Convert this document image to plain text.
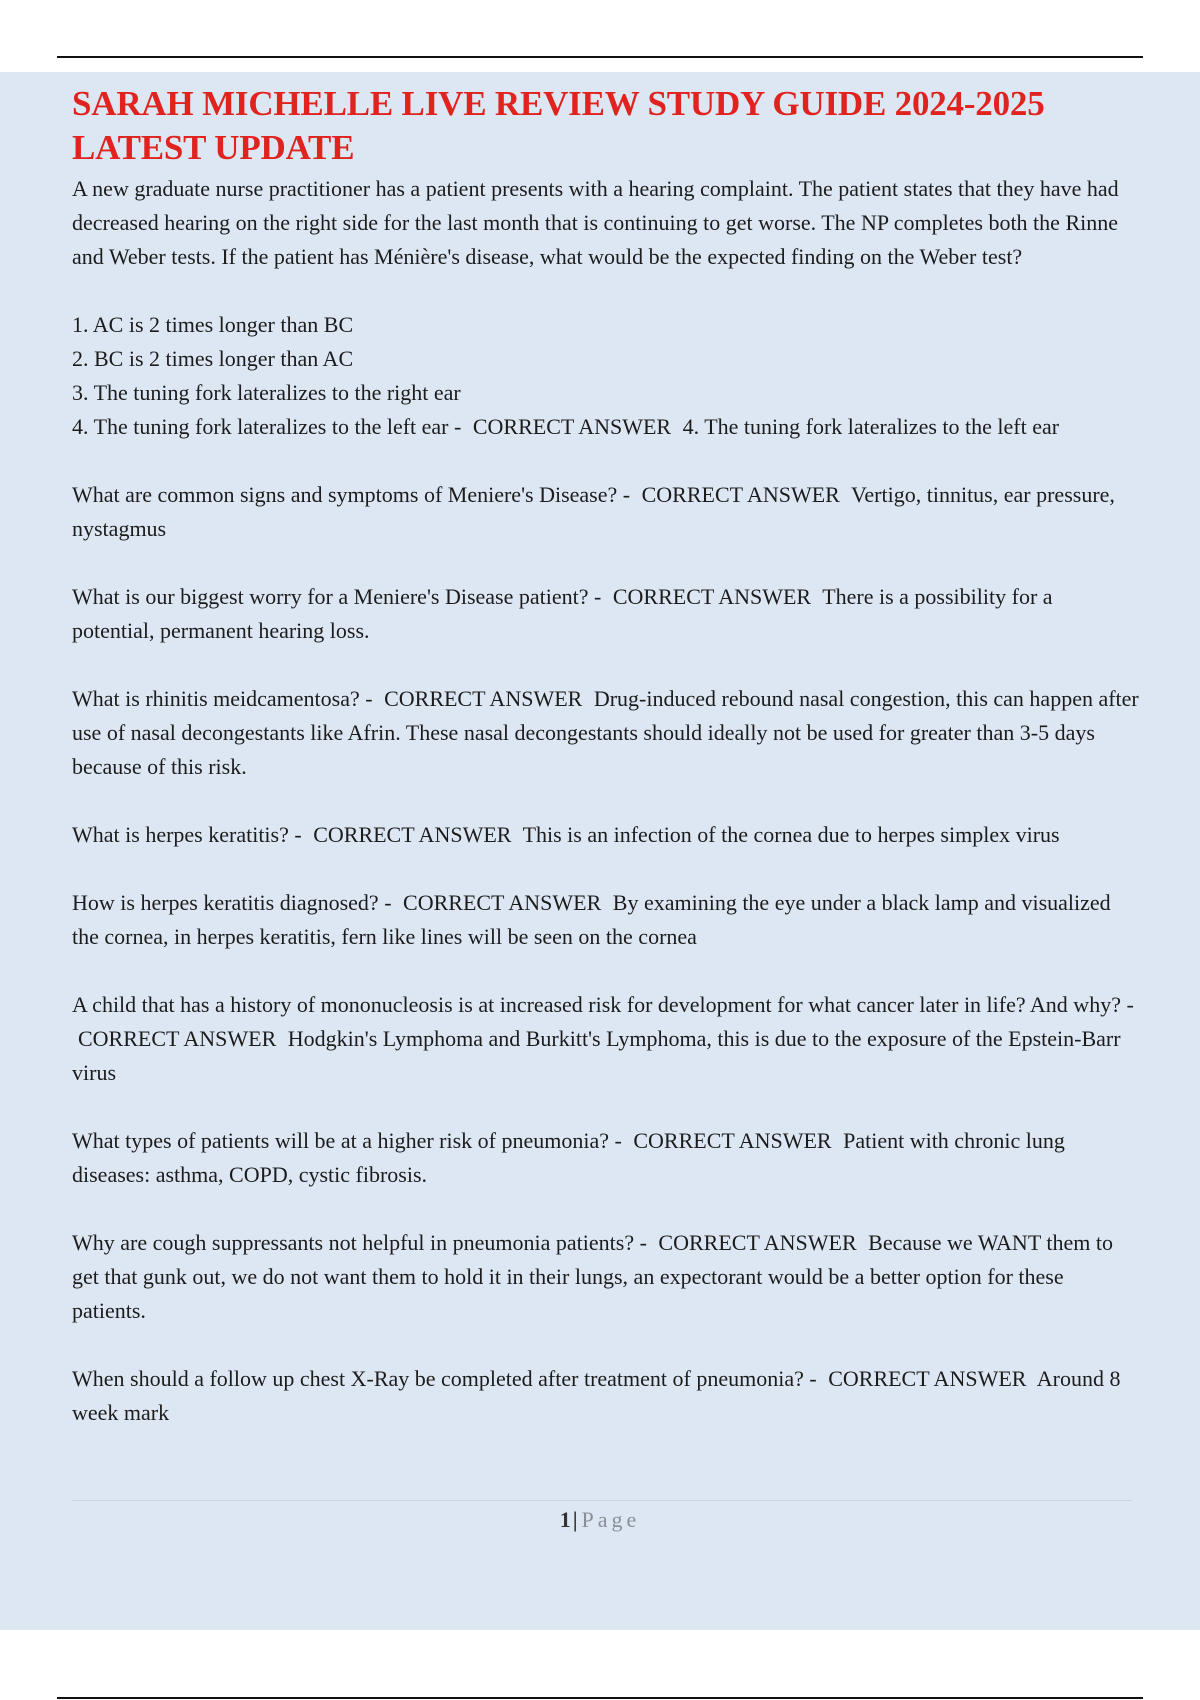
SARAH MICHELLE LIVE REVIEW STUDY GUIDE 2024-2025 LATEST UPDATE

A new graduate nurse practitioner has a patient presents with a hearing complaint. The patient states that they have had decreased hearing on the right side for the last month that is continuing to get worse. The NP completes both the Rinne and Weber tests. If the patient has Ménière's disease, what would be the expected finding on the Weber test?

1. AC is 2 times longer than BC
2. BC is 2 times longer than AC
3. The tuning fork lateralizes to the right ear
4. The tuning fork lateralizes to the left ear - CORRECT ANSWER 4. The tuning fork lateralizes to the left ear

What are common signs and symptoms of Meniere's Disease? - CORRECT ANSWER Vertigo, tinnitus, ear pressure, nystagmus

What is our biggest worry for a Meniere's Disease patient? - CORRECT ANSWER There is a possibility for a potential, permanent hearing loss.

What is rhinitis meidcamentosa? - CORRECT ANSWER Drug-induced rebound nasal congestion, this can happen after use of nasal decongestants like Afrin. These nasal decongestants should ideally not be used for greater than 3-5 days because of this risk.

What is herpes keratitis? - CORRECT ANSWER This is an infection of the cornea due to herpes simplex virus

How is herpes keratitis diagnosed? - CORRECT ANSWER By examining the eye under a black lamp and visualized the cornea, in herpes keratitis, fern like lines will be seen on the cornea

A child that has a history of mononucleosis is at increased risk for development for what cancer later in life? And why? - CORRECT ANSWER Hodgkin's Lymphoma and Burkitt's Lymphoma, this is due to the exposure of the Epstein-Barr virus

What types of patients will be at a higher risk of pneumonia? - CORRECT ANSWER Patient with chronic lung diseases: asthma, COPD, cystic fibrosis.

Why are cough suppressants not helpful in pneumonia patients? - CORRECT ANSWER Because we WANT them to get that gunk out, we do not want them to hold it in their lungs, an expectorant would be a better option for these patients.

When should a follow up chest X-Ray be completed after treatment of pneumonia? - CORRECT ANSWER Around 8 week mark

1| Page
